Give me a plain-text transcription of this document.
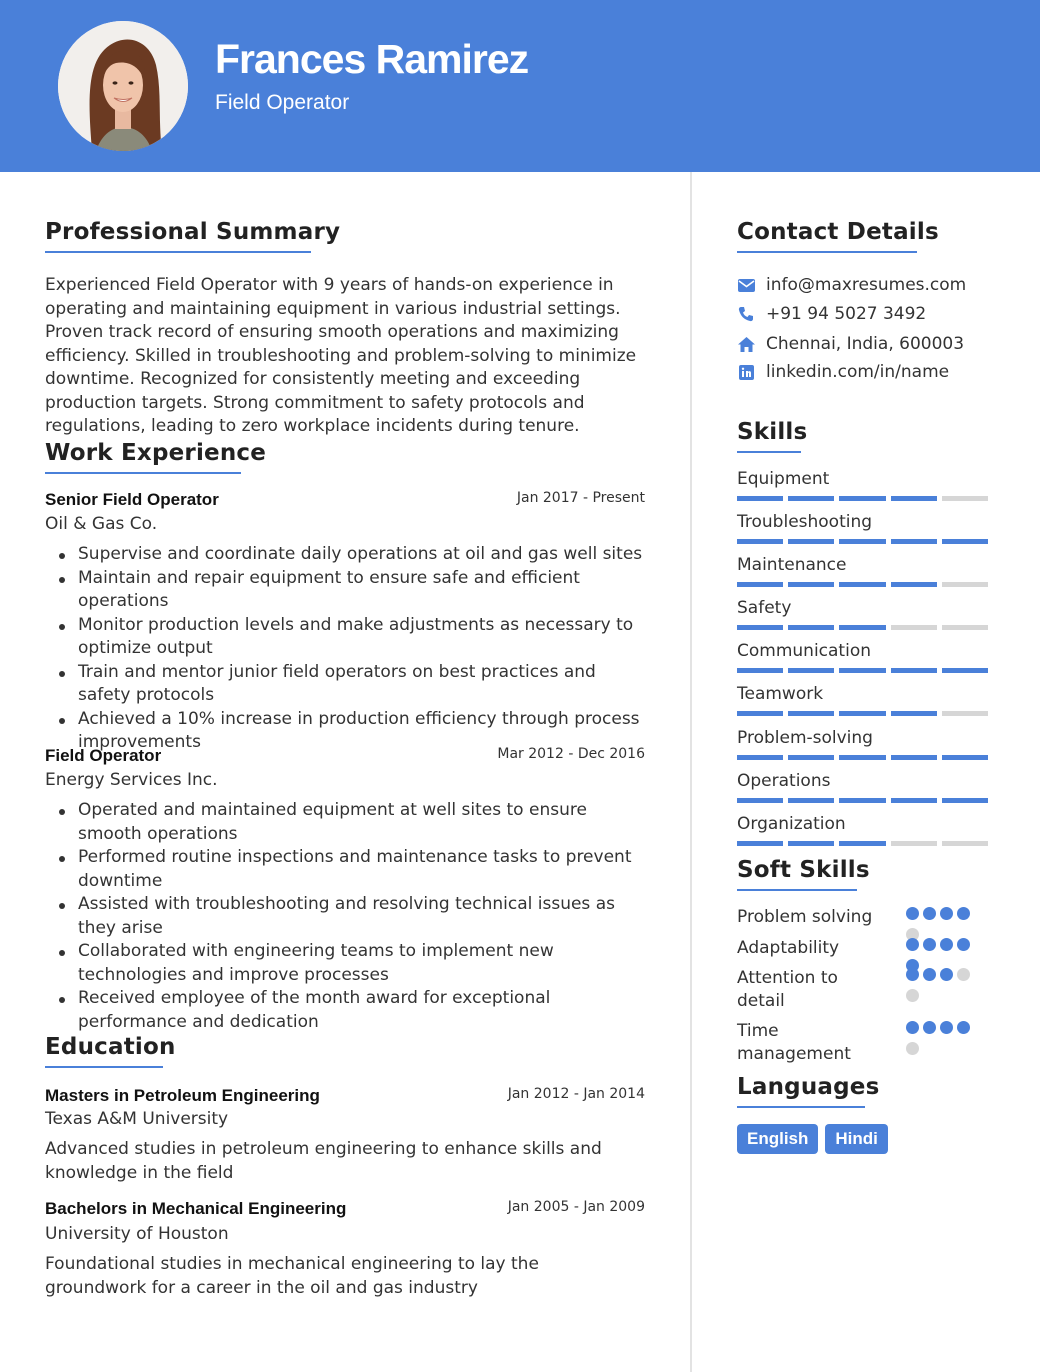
Frances Ramirez
Field Operator
Professional Summary
Experienced Field Operator with 9 years of hands-on experience in operating and maintaining equipment in various industrial settings. Proven track record of ensuring smooth operations and maximizing efficiency. Skilled in troubleshooting and problem-solving to minimize downtime. Recognized for consistently meeting and exceeding production targets. Strong commitment to safety protocols and regulations, leading to zero workplace incidents during tenure.
Work Experience
Senior Field Operator	Jan 2017 - Present
Oil & Gas Co.
Supervise and coordinate daily operations at oil and gas well sites
Maintain and repair equipment to ensure safe and efficient operations
Monitor production levels and make adjustments as necessary to optimize output
Train and mentor junior field operators on best practices and safety protocols
Achieved a 10% increase in production efficiency through process improvements
Field Operator	Mar 2012 - Dec 2016
Energy Services Inc.
Operated and maintained equipment at well sites to ensure smooth operations
Performed routine inspections and maintenance tasks to prevent downtime
Assisted with troubleshooting and resolving technical issues as they arise
Collaborated with engineering teams to implement new technologies and improve processes
Received employee of the month award for exceptional performance and dedication
Education
Masters in Petroleum Engineering	Jan 2012 - Jan 2014
Texas A&M University
Advanced studies in petroleum engineering to enhance skills and knowledge in the field
Bachelors in Mechanical Engineering	Jan 2005 - Jan 2009
University of Houston
Foundational studies in mechanical engineering to lay the groundwork for a career in the oil and gas industry
Contact Details
info@maxresumes.com
+91 94 5027 3492
Chennai, India, 600003
linkedin.com/in/name
Skills
Equipment
Troubleshooting
Maintenance
Safety
Communication
Teamwork
Problem-solving
Operations
Organization
Soft Skills
Problem solving
Adaptability
Attention to detail
Time management
Languages
English	Hindi
